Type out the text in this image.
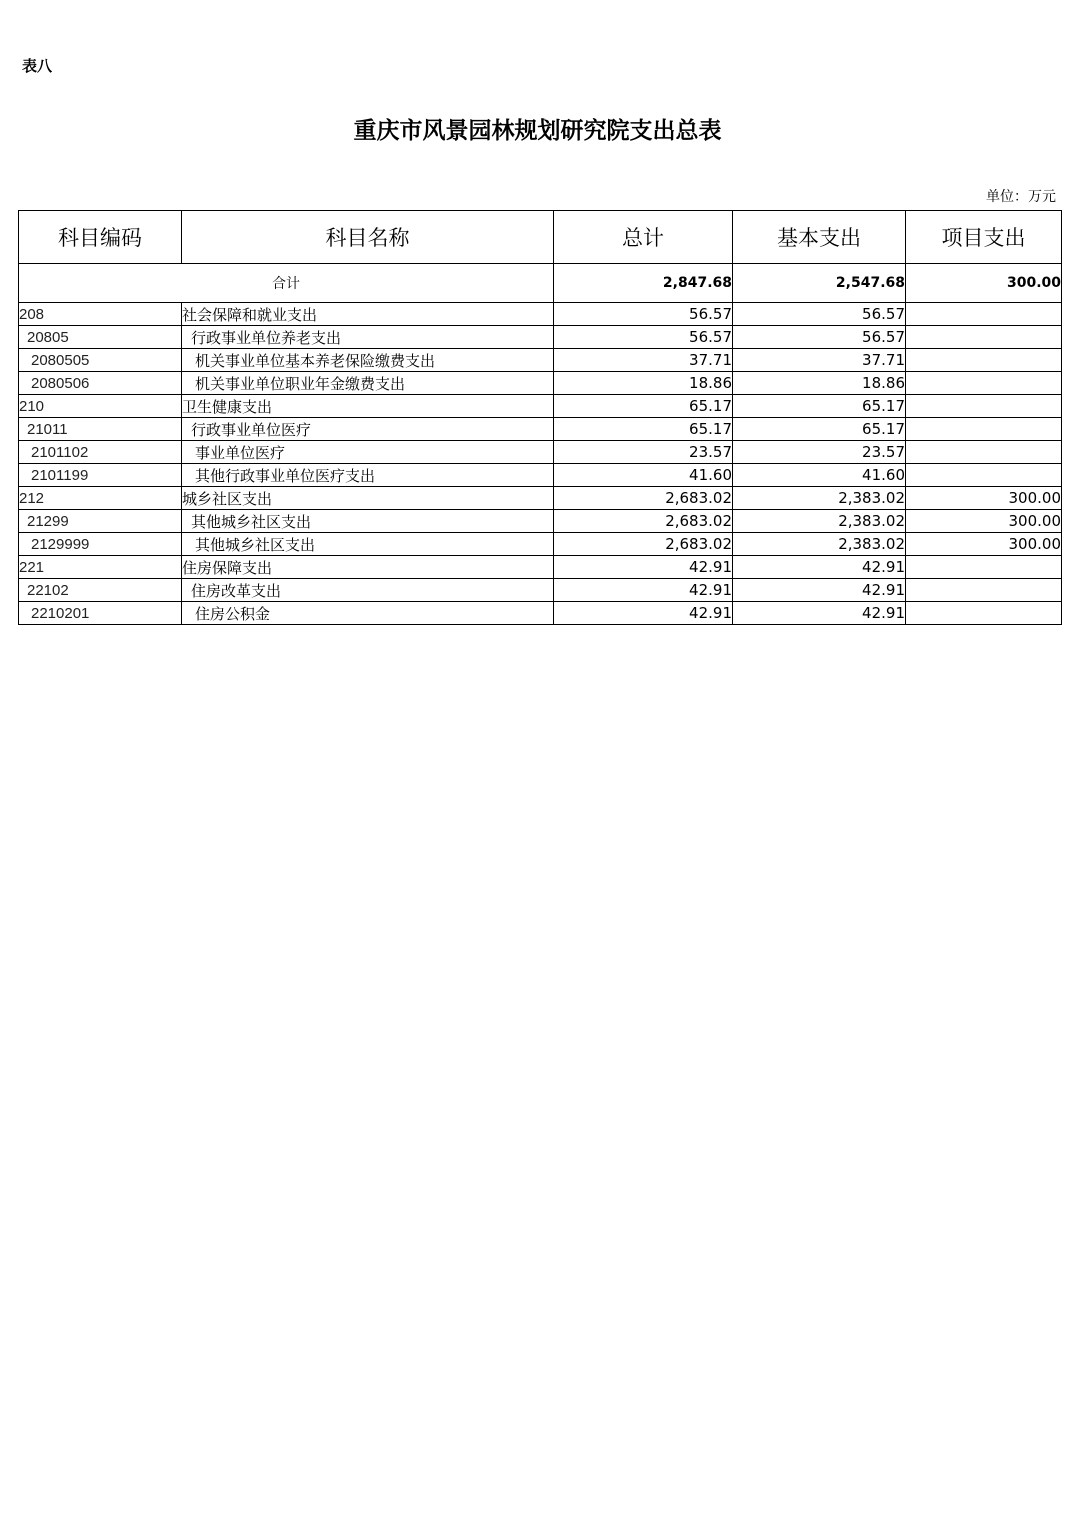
表八
重庆市风景园林规划研究院支出总表
单位：万元
科目编码	科目名称	总计	基本支出	项目支出
合计		2,847.68	2,547.68	300.00
208	社会保障和就业支出	56.57	56.57	
20805	行政事业单位养老支出	56.57	56.57	
2080505	机关事业单位基本养老保险缴费支出	37.71	37.71	
2080506	机关事业单位职业年金缴费支出	18.86	18.86	
210	卫生健康支出	65.17	65.17	
21011	行政事业单位医疗	65.17	65.17	
2101102	事业单位医疗	23.57	23.57	
2101199	其他行政事业单位医疗支出	41.60	41.60	
212	城乡社区支出	2,683.02	2,383.02	300.00
21299	其他城乡社区支出	2,683.02	2,383.02	300.00
2129999	其他城乡社区支出	2,683.02	2,383.02	300.00
221	住房保障支出	42.91	42.91	
22102	住房改革支出	42.91	42.91	
2210201	住房公积金	42.91	42.91	
